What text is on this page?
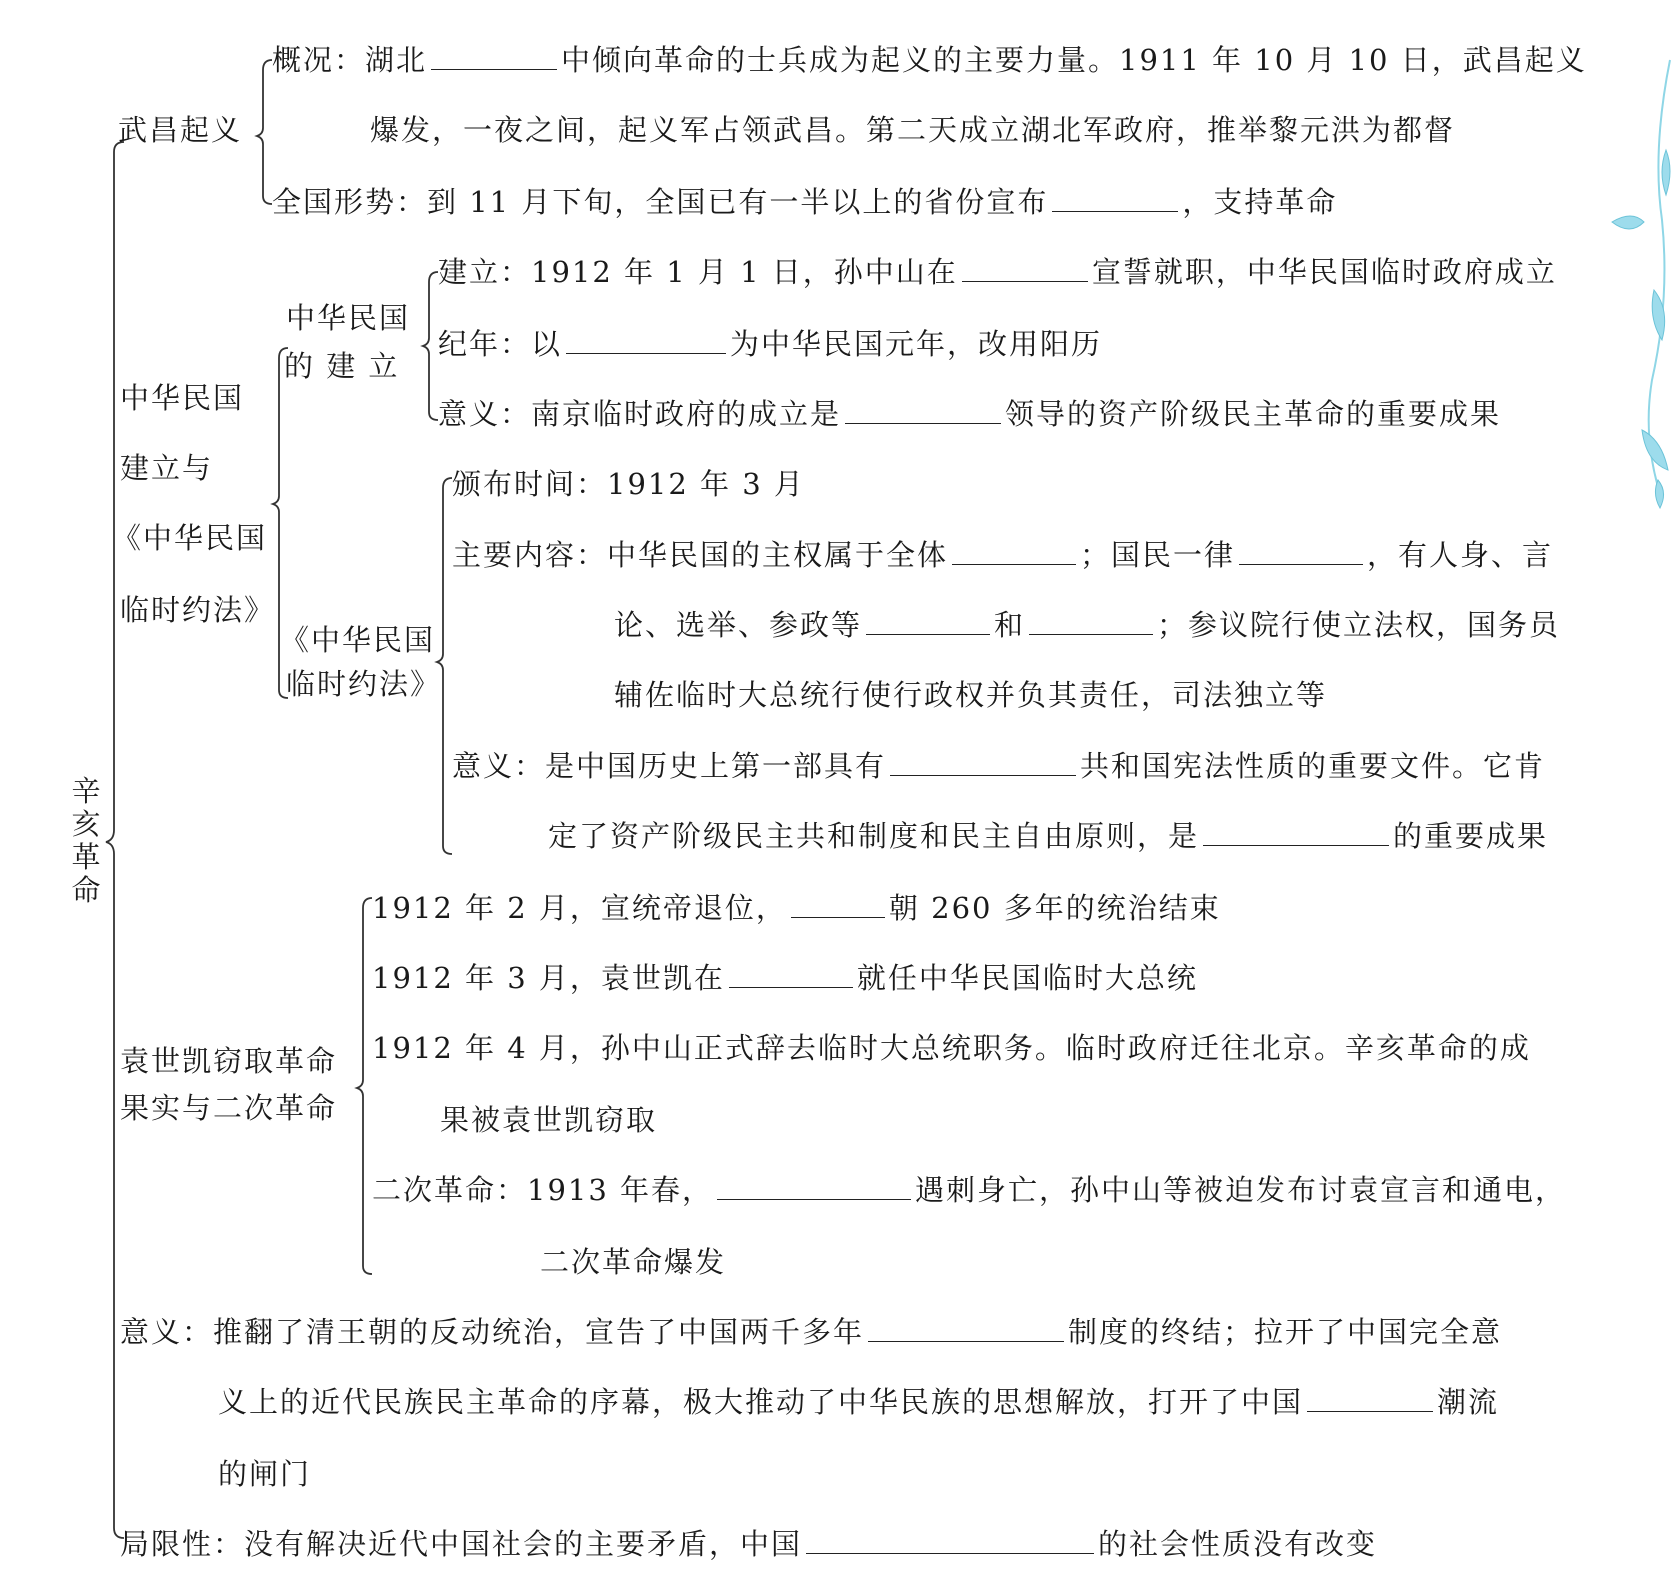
辛亥革命
武昌起义
概况：湖北	中倾向革命的士兵成为起义的主要力量。1911 年 10 月 10 日，武昌起义
爆发，一夜之间，起义军占领武昌。第二天成立湖北军政府，推举黎元洪为都督
全国形势：到 11 月下旬，全国已有一半以上的省份宣布	，支持革命
中华民国
建立与
《中华民国
临时约法》
中华民国
的 建 立
建立：1912 年 1 月 1 日，孙中山在	宣誓就职，中华民国临时政府成立
纪年：以	为中华民国元年，改用阳历
意义：南京临时政府的成立是	领导的资产阶级民主革命的重要成果
《中华民国
临时约法》
颁布时间：1912 年 3 月
主要内容：中华民国的主权属于全体	；国民一律	，有人身、言
论、选举、参政等	和	；参议院行使立法权，国务员
辅佐临时大总统行使行政权并负其责任，司法独立等
意义：是中国历史上第一部具有	共和国宪法性质的重要文件。它肯
定了资产阶级民主共和制度和民主自由原则，是	的重要成果
袁世凯窃取革命
果实与二次革命
1912 年 2 月，宣统帝退位，	朝 260 多年的统治结束
1912 年 3 月，袁世凯在	就任中华民国临时大总统
1912 年 4 月，孙中山正式辞去临时大总统职务。临时政府迁往北京。辛亥革命的成
果被袁世凯窃取
二次革命：1913 年春，	遇刺身亡，孙中山等被迫发布讨袁宣言和通电，
二次革命爆发
意义：推翻了清王朝的反动统治，宣告了中国两千多年	制度的终结；拉开了中国完全意
义上的近代民族民主革命的序幕，极大推动了中华民族的思想解放，打开了中国	潮流
的闸门
局限性：没有解决近代中国社会的主要矛盾，中国	的社会性质没有改变
